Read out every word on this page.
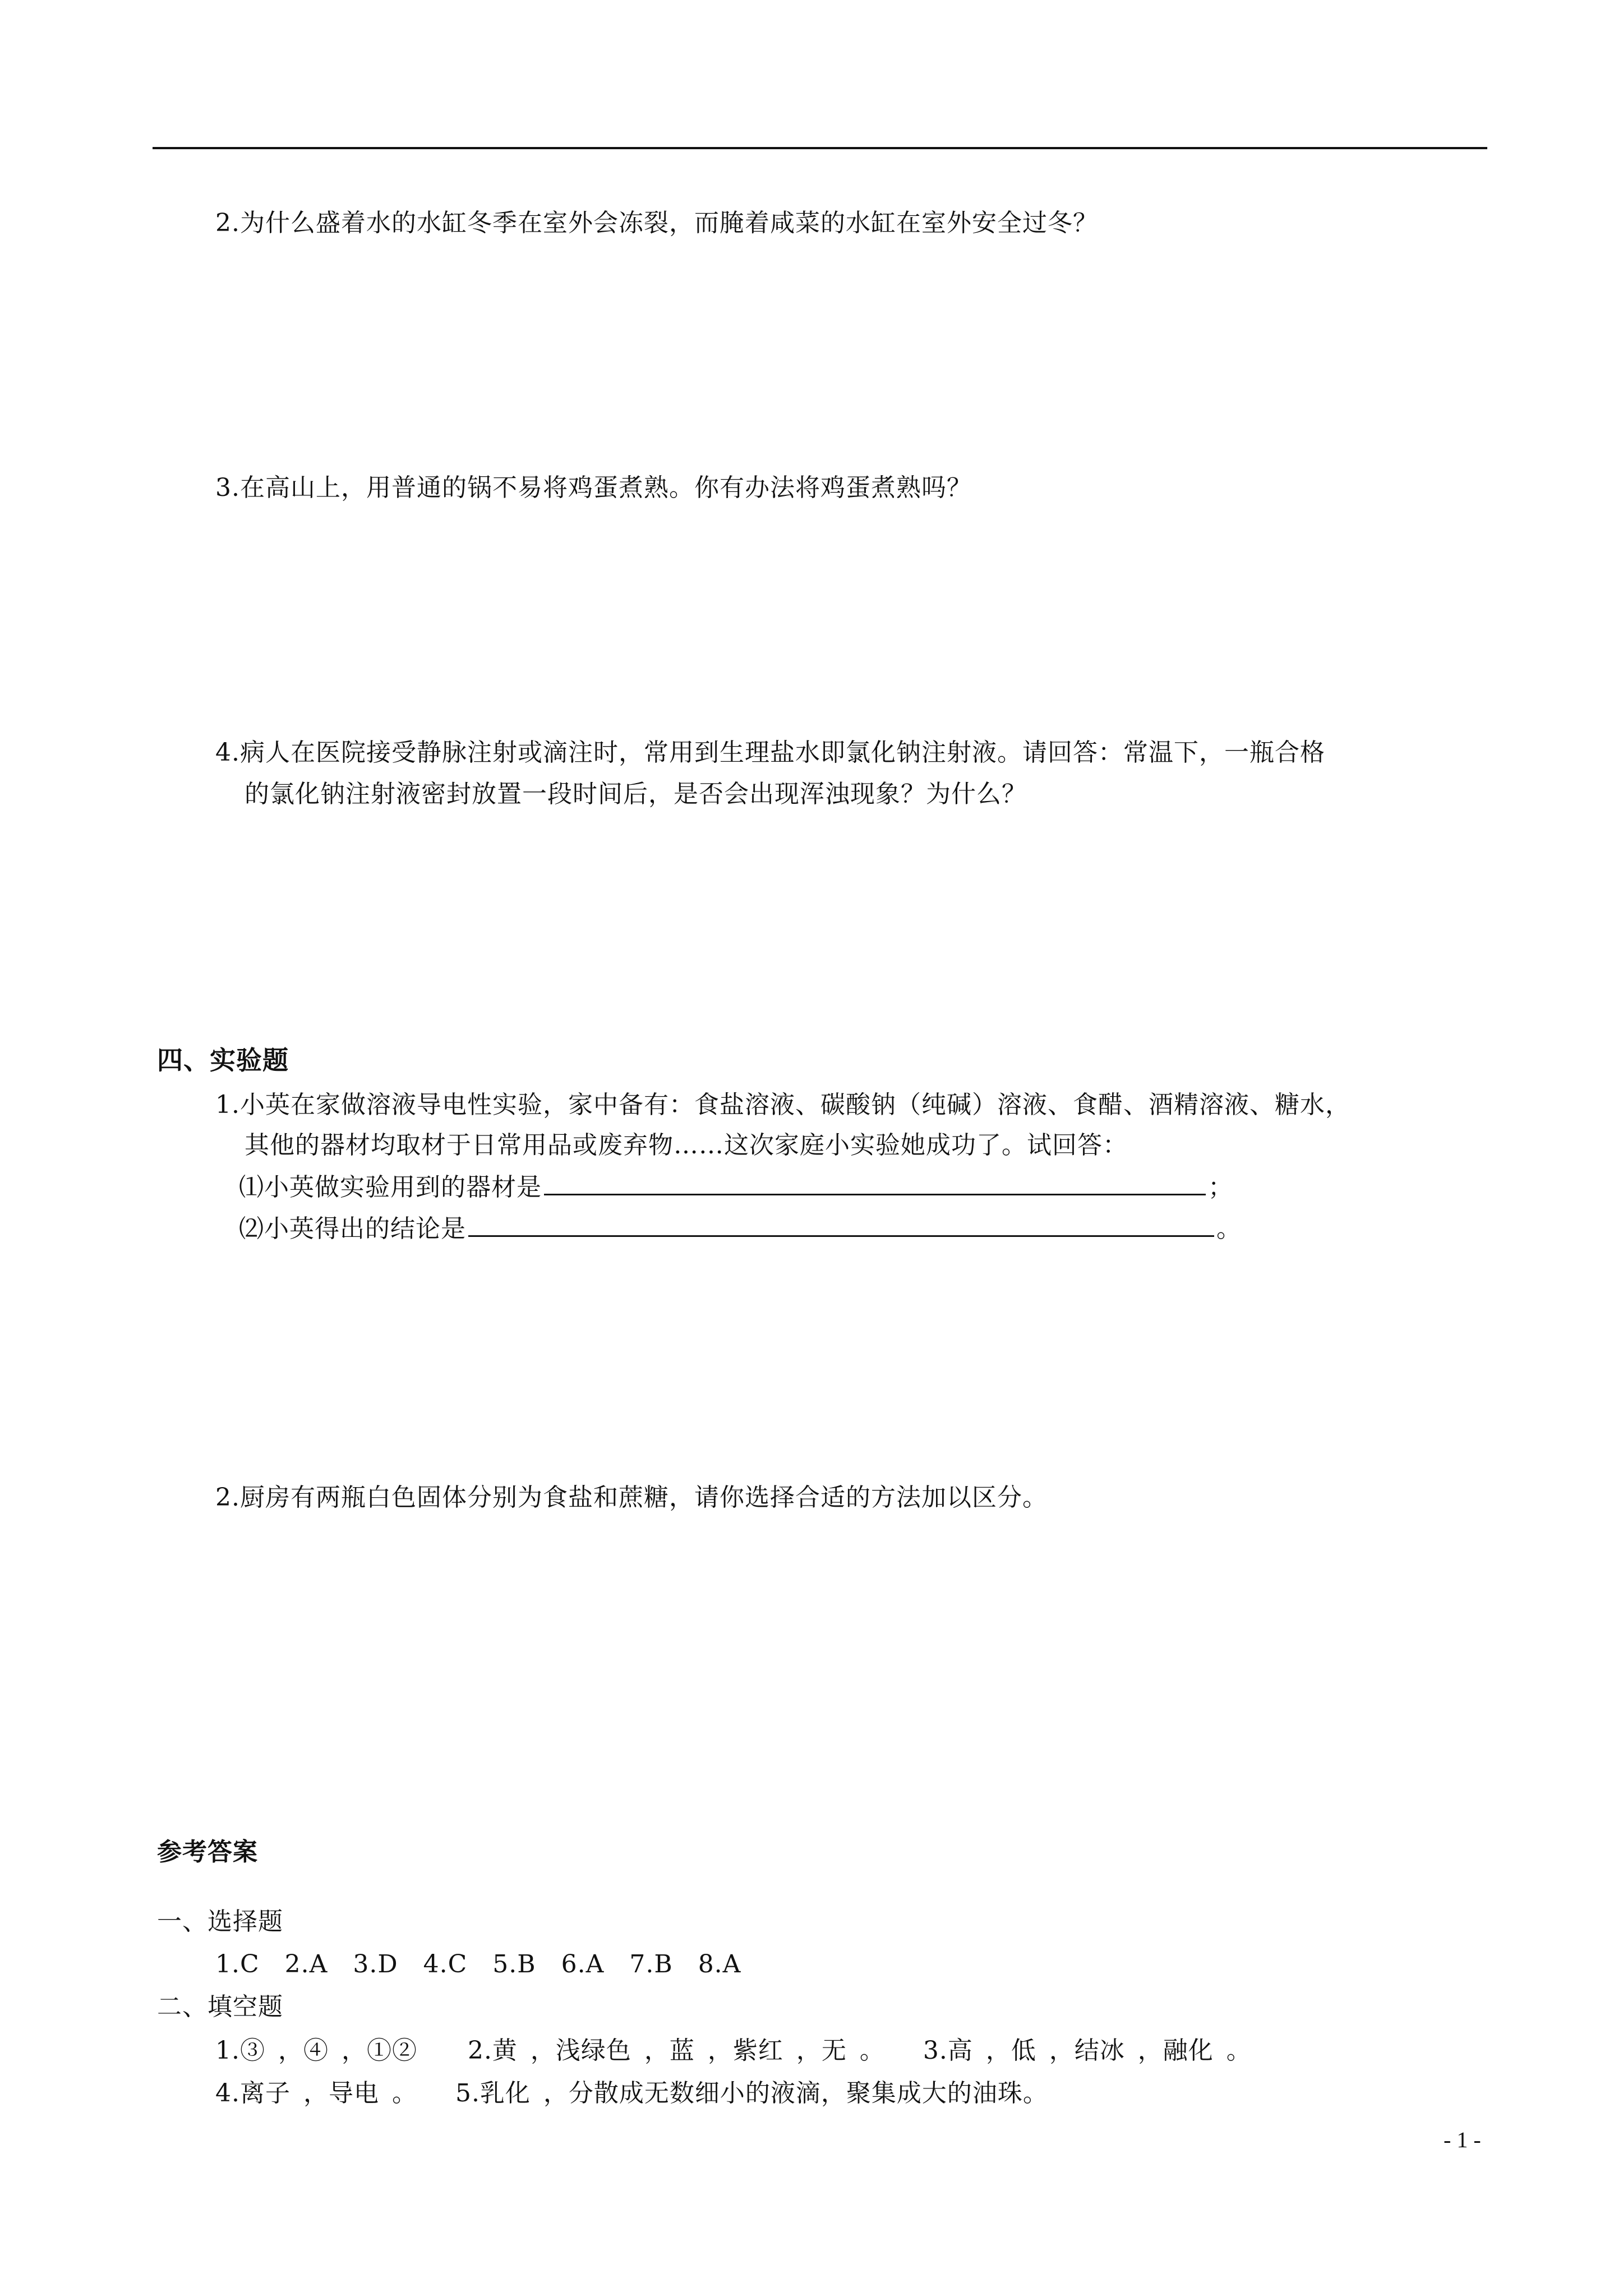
2.为什么盛着水的水缸冬季在室外会冻裂，而腌着咸菜的水缸在室外安全过冬？
3.在高山上，用普通的锅不易将鸡蛋煮熟。你有办法将鸡蛋煮熟吗？
4.病人在医院接受静脉注射或滴注时，常用到生理盐水即氯化钠注射液。请回答：常温下，一瓶合格
的氯化钠注射液密封放置一段时间后，是否会出现浑浊现象？为什么？
四、实验题
1.小英在家做溶液导电性实验，家中备有：食盐溶液、碳酸钠（纯碱）溶液、食醋、酒精溶液、糖水，
其他的器材均取材于日常用品或废弃物……这次家庭小实验她成功了。试回答：
⑴小英做实验用到的器材是	；
⑵小英得出的结论是	。
2.厨房有两瓶白色固体分别为食盐和蔗糖，请你选择合适的方法加以区分。
参考答案
一、选择题
1.C　2.A　3.D　4.C　5.B　6.A　7.B　8.A
二、填空题
1.③ ，④ ，①②　　2.黄 ，浅绿色 ，蓝 ，紫红 ，无 。　　3.高 ，低 ，结冰 ，融化 。
4.离子 ，导电 。　　5.乳化 ，分散成无数细小的液滴，聚集成大的油珠。
- 1 -
